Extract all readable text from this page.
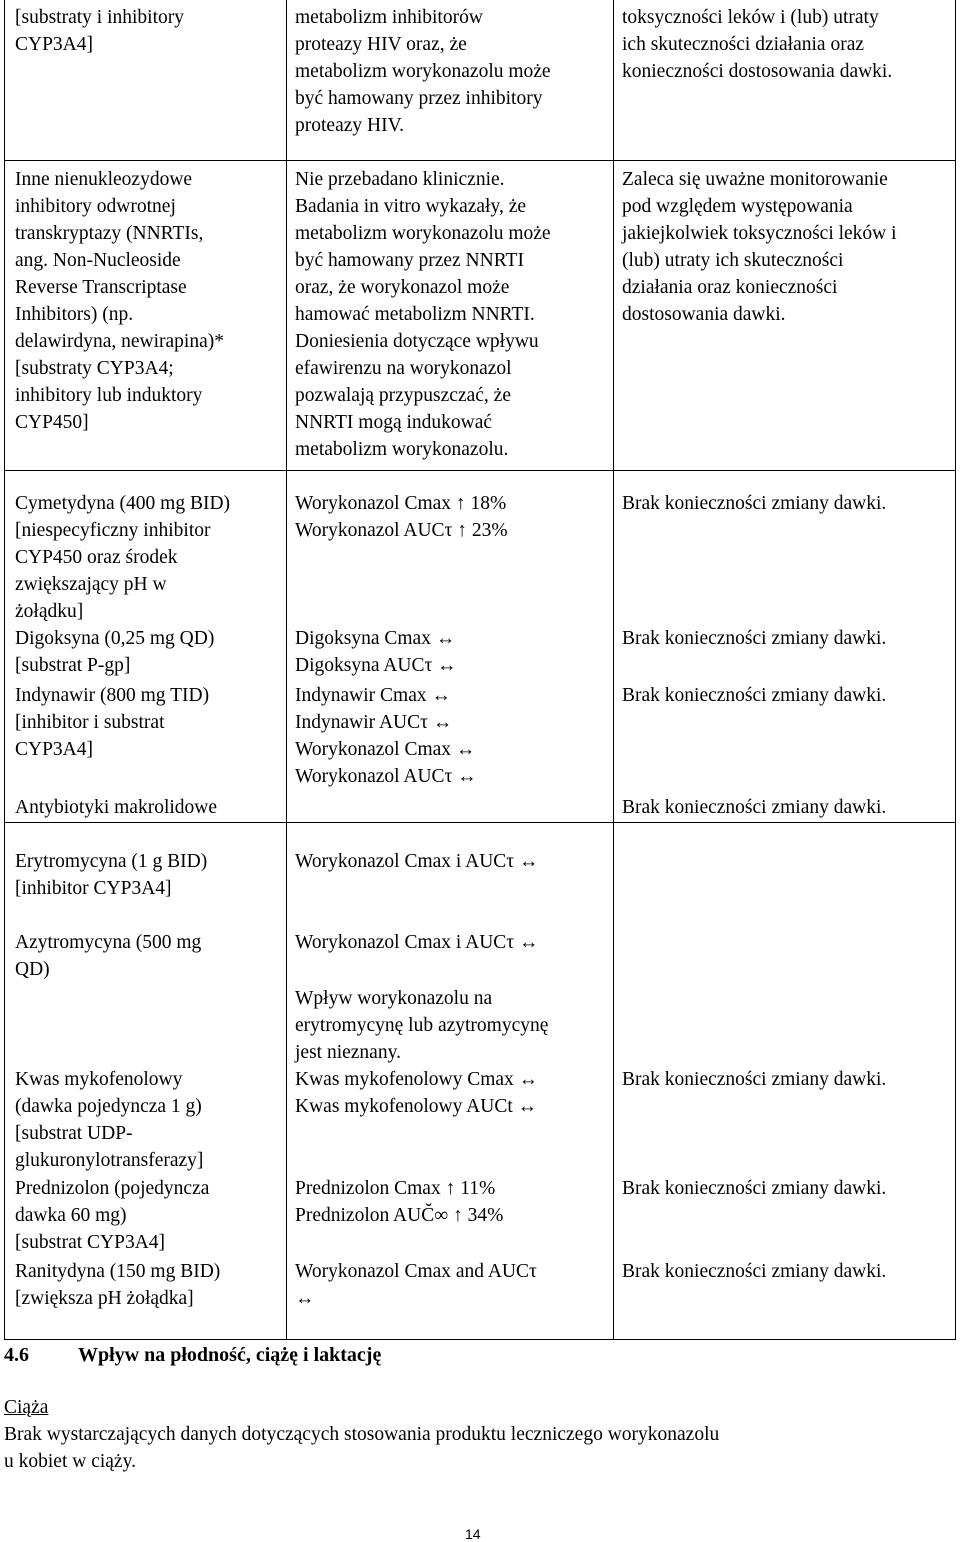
[substraty i inhibitory
CYP3A4]
metabolizm inhibitorów
proteazy HIV oraz, że
metabolizm worykonazolu może
być hamowany przez inhibitory
proteazy HIV.
toksyczności leków i (lub) utraty
ich skuteczności działania oraz
konieczności dostosowania dawki.
Inne nienukleozydowe
inhibitory odwrotnej
transkryptazy (NNRTIs,
ang. Non-Nucleoside
Reverse Transcriptase
Inhibitors) (np.
delawirdyna, newirapina)*
[substraty CYP3A4;
inhibitory lub induktory
CYP450]
Nie przebadano klinicznie.
Badania in vitro wykazały, że
metabolizm worykonazolu może
być hamowany przez NNRTI
oraz, że worykonazol może
hamować metabolizm NNRTI.
Doniesienia dotyczące wpływu
efawirenzu na worykonazol
pozwalają przypuszczać, że
NNRTI mogą indukować
metabolizm worykonazolu.
Zaleca się uważne monitorowanie
pod względem występowania
jakiejkolwiek toksyczności leków i
(lub) utraty ich skuteczności
działania oraz konieczności
dostosowania dawki.
Cymetydyna (400 mg BID)
[niespecyficzny inhibitor
CYP450 oraz środek
zwiększający pH w
żołądku]
Worykonazol Cmax ↑ 18%
Worykonazol AUCτ ↑ 23%
Brak konieczności zmiany dawki.
Digoksyna (0,25 mg QD)
[substrat P-gp]
Digoksyna Cmax ↔
Digoksyna AUCτ ↔
Brak konieczności zmiany dawki.
Indynawir (800 mg TID)
[inhibitor i substrat
CYP3A4]
Indynawir Cmax ↔
Indynawir AUCτ ↔
Worykonazol Cmax ↔
Worykonazol AUCτ ↔
Brak konieczności zmiany dawki.
Antybiotyki makrolidowe	Brak konieczności zmiany dawki.
Erytromycyna (1 g BID)
[inhibitor CYP3A4]
Worykonazol Cmax i AUCτ ↔
Azytromycyna (500 mg
QD)
Worykonazol Cmax i AUCτ ↔
Wpływ worykonazolu na
erytromycynę lub azytromycynę
jest nieznany.
Kwas mykofenolowy
(dawka pojedyncza 1 g)
[substrat UDP-
glukuronylotransferazy]
Kwas mykofenolowy Cmax ↔
Kwas mykofenolowy AUCt ↔
Brak konieczności zmiany dawki.
Prednizolon (pojedyncza
dawka 60 mg)
[substrat CYP3A4]
Prednizolon Cmax ↑ 11%
Prednizolon AUC̆∞ ↑ 34%
Brak konieczności zmiany dawki.
Ranitydyna (150 mg BID)
[zwiększa pH żołądka]
Worykonazol Cmax and AUCτ
↔
Brak konieczności zmiany dawki.
4.6 Wpływ na płodność, ciążę i laktację
Ciąża
Brak wystarczających danych dotyczących stosowania produktu leczniczego worykonazolu
u kobiet w ciąży.
14
